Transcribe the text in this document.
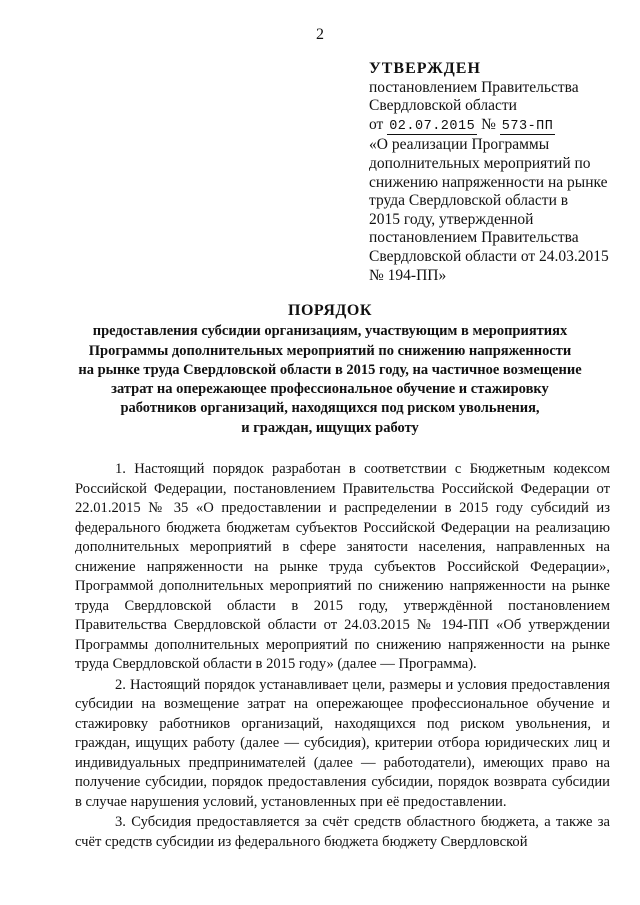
2
УТВЕРЖДЕН
постановлением Правительства
Свердловской области
от 02.07.2015 № 573-ПП
«О реализации Программы
дополнительных мероприятий по
снижению напряженности на рынке
труда Свердловской области в
2015 году, утвержденной
постановлением Правительства
Свердловской области от 24.03.2015
№ 194-ПП»
ПОРЯДОК
предоставления субсидии организациям, участвующим в мероприятиях
Программы дополнительных мероприятий по снижению напряженности
на рынке труда Свердловской области в 2015 году, на частичное возмещение
затрат на опережающее профессиональное обучение и стажировку
работников организаций, находящихся под риском увольнения,
и граждан, ищущих работу

1. Настоящий порядок разработан в соответствии с Бюджетным кодексом Российской Федерации, постановлением Правительства Российской Федерации от 22.01.2015 № 35 «О предоставлении и распределении в 2015 году субсидий из федерального бюджета бюджетам субъектов Российской Федерации на реализацию дополнительных мероприятий в сфере занятости населения, направленных на снижение напряженности на рынке труда субъектов Российской Федерации», Программой дополнительных мероприятий по снижению напряженности на рынке труда Свердловской области в 2015 году, утверждённой постановлением Правительства Свердловской области от 24.03.2015 № 194-ПП «Об утверждении Программы дополнительных мероприятий по снижению напряженности на рынке труда Свердловской области в 2015 году» (далее — Программа).

2. Настоящий порядок устанавливает цели, размеры и условия предоставления субсидии на возмещение затрат на опережающее профессиональное обучение и стажировку работников организаций, находящихся под риском увольнения, и граждан, ищущих работу (далее — субсидия), критерии отбора юридических лиц и индивидуальных предпринимателей (далее — работодатели), имеющих право на получение субсидии, порядок предоставления субсидии, порядок возврата субсидии в случае нарушения условий, установленных при её предоставлении.

3. Субсидия предоставляется за счёт средств областного бюджета, а также за счёт средств субсидии из федерального бюджета бюджету Свердловской
